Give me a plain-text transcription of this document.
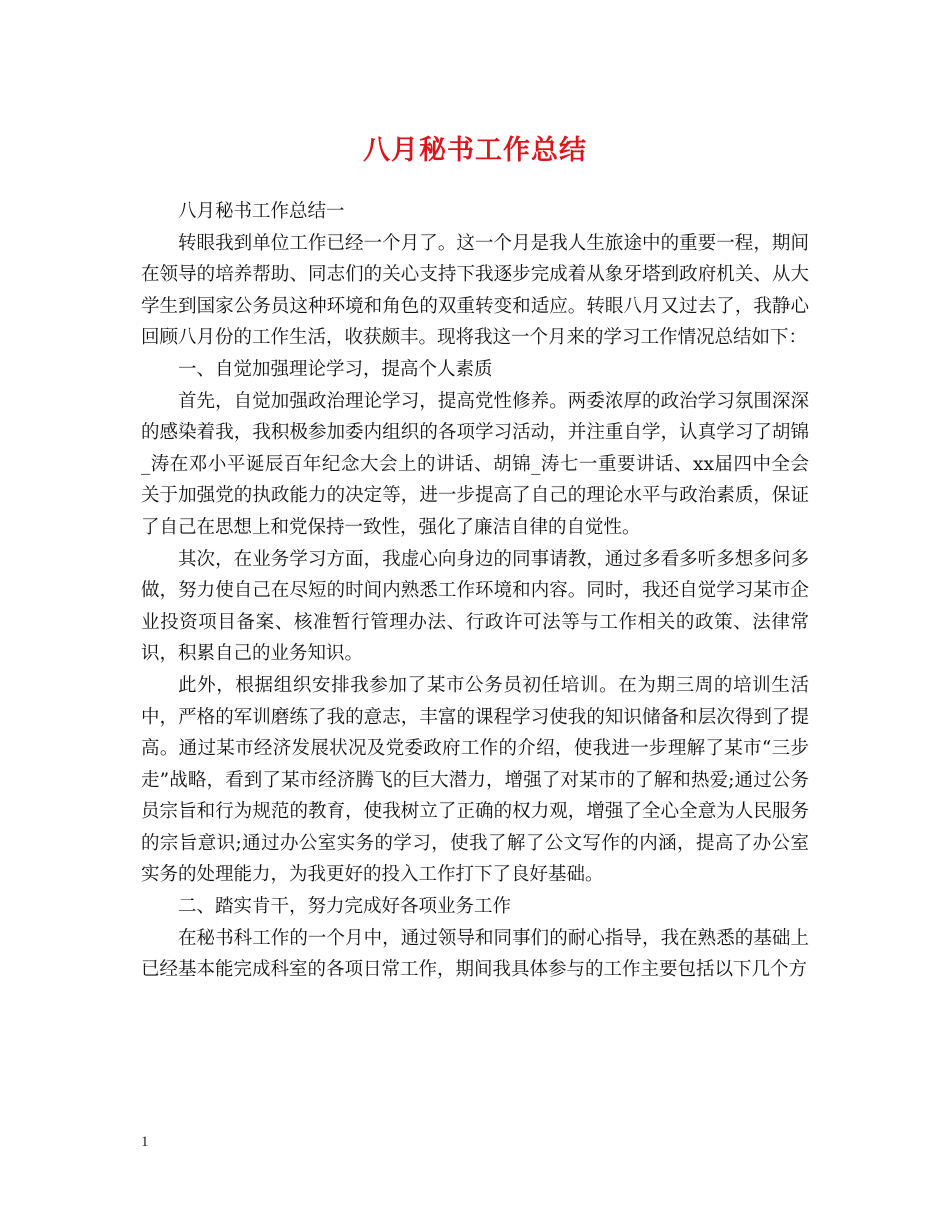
八月秘书工作总结

八月秘书工作总结一

转眼我到单位工作已经一个月了。这一个月是我人生旅途中的重要一程，期间在领导的培养帮助、同志们的关心支持下我逐步完成着从象牙塔到政府机关、从大学生到国家公务员这种环境和角色的双重转变和适应。转眼八月又过去了，我静心回顾八月份的工作生活，收获颇丰。现将我这一个月来的学习工作情况总结如下：

一、自觉加强理论学习，提高个人素质

首先，自觉加强政治理论学习，提高党性修养。两委浓厚的政治学习氛围深深的感染着我，我积极参加委内组织的各项学习活动，并注重自学，认真学习了胡锦_涛在邓小平诞辰百年纪念大会上的讲话、胡锦_涛七一重要讲话、xx届四中全会关于加强党的执政能力的决定等，进一步提高了自己的理论水平与政治素质，保证了自己在思想上和党保持一致性，强化了廉洁自律的自觉性。

其次，在业务学习方面，我虚心向身边的同事请教，通过多看多听多想多问多做，努力使自己在尽短的时间内熟悉工作环境和内容。同时，我还自觉学习某市企业投资项目备案、核准暂行管理办法、行政许可法等与工作相关的政策、法律常识，积累自己的业务知识。

此外，根据组织安排我参加了某市公务员初任培训。在为期三周的培训生活中，严格的军训磨练了我的意志，丰富的课程学习使我的知识储备和层次得到了提高。通过某市经济发展状况及党委政府工作的介绍，使我进一步理解了某市“三步走”战略，看到了某市经济腾飞的巨大潜力，增强了对某市的了解和热爱;通过公务员宗旨和行为规范的教育，使我树立了正确的权力观，增强了全心全意为人民服务的宗旨意识;通过办公室实务的学习，使我了解了公文写作的内涵，提高了办公室实务的处理能力，为我更好的投入工作打下了良好基础。

二、踏实肯干，努力完成好各项业务工作

在秘书科工作的一个月中，通过领导和同事们的耐心指导，我在熟悉的基础上已经基本能完成科室的各项日常工作，期间我具体参与的工作主要包括以下几个方

1
